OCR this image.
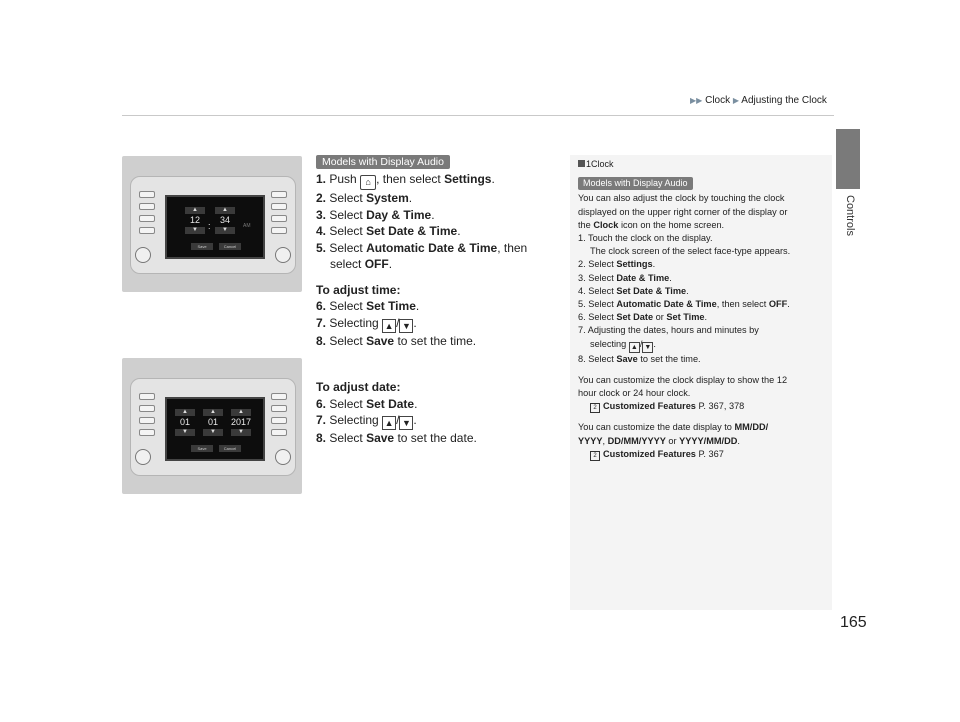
▶▶ Clock ▶ Adjusting the Clock
Controls
▲
12
▼	:
▲
34
▼
AM
Save	Cancel
▲
01
▼
▲
01
▼
▲
2017
▼
Save	Cancel
Models with Display Audio

1. Push ⌂ , then select Settings.

2. Select System.

3. Select Day & Time.

4. Select Set Date & Time.

5. Select Automatic Date & Time, then

select OFF.

To adjust time:

6. Select Set Time.

7. Selecting ▲ / ▼ .

8. Select Save to set the time.

To adjust date:

6. Select Set Date.

7. Selecting ▲ / ▼ .

8. Select Save to set the date.

1Clock

Models with Display Audio

You can also adjust the clock by touching the clock

displayed on the upper right corner of the display or

the Clock icon on the home screen.

1. Touch the clock on the display.

The clock screen of the select face-type appears.

2. Select Settings.

3. Select Date & Time.

4. Select Set Date & Time.

5. Select Automatic Date & Time, then select OFF.

6. Select Set Date or Set Time.

7. Adjusting the dates, hours and minutes by

selecting ▲ / ▼ .

8. Select Save to set the time.

You can customize the clock display to show the 12

hour clock or 24 hour clock.

2 Customized Features P. 367, 378

You can customize the date display to MM/DD/

YYYY, DD/MM/YYYY or YYYY/MM/DD.

2 Customized Features P. 367

165
